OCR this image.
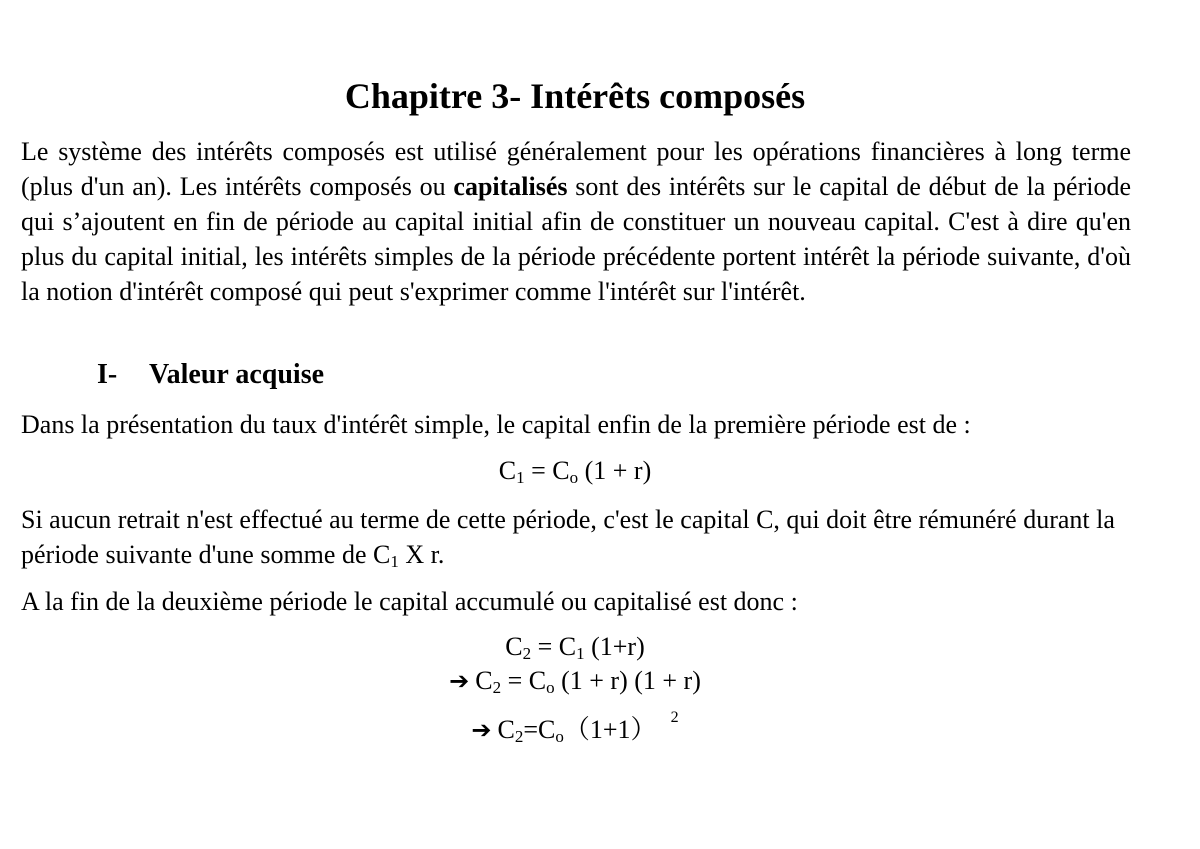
Chapitre 3- Intérêts composés

Le système des intérêts composés est utilisé généralement pour les opérations financières à long terme (plus d'un an). Les intérêts composés ou capitalisés sont des intérêts sur le capital de début de la période qui s’ajoutent en fin de période au capital initial afin de constituer un nouveau capital. C'est à dire qu'en plus du capital initial, les intérêts simples de la période précédente portent intérêt la période suivante, d'où la notion d'intérêt composé qui peut s'exprimer comme l'intérêt sur l'intérêt.

I- Valeur acquise

Dans la présentation du taux d'intérêt simple, le capital enfin de la première période est de :

$C_1 = C_o$ (1 + r)

Si aucun retrait n'est effectué au terme de cette période, c'est le capital C, qui doit être rémunéré durant la période suivante d'une somme de $C_1$ X r.

A la fin de la deuxième période le capital accumulé ou capitalisé est donc :

$C_2 = C_1$ (1+r)
➔ $C_2 = C_o$ (1 + r) (1 + r)
➔ $C_2=C_o(1+1)$ $^2$
